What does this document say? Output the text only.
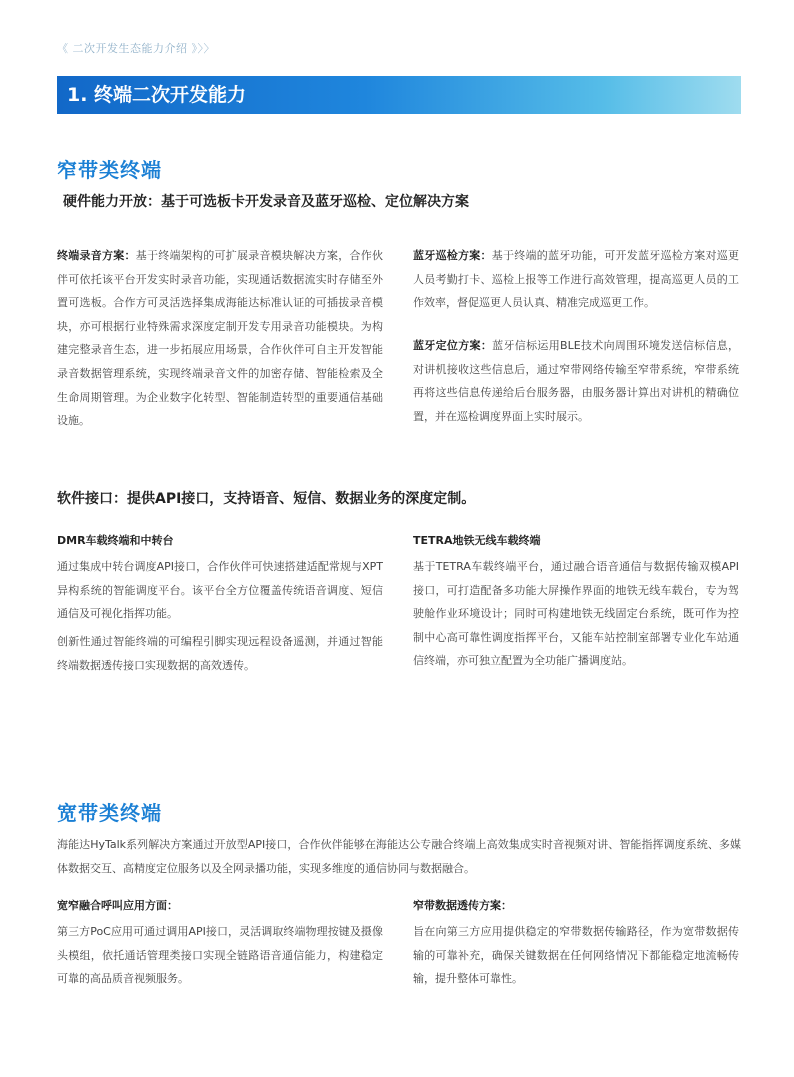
《 二次开发生态能力介绍 》〉〉
1. 终端二次开发能力
窄带类终端
硬件能力开放：基于可选板卡开发录音及蓝牙巡检、定位解决方案

终端录音方案：基于终端架构的可扩展录音模块解决方案，合作伙伴可依托该平台开发实时录音功能，实现通话数据流实时存储至外置可选板。合作方可灵活选择集成海能达标准认证的可插拔录音模块，亦可根据行业特殊需求深度定制开发专用录音功能模块。为构建完整录音生态，进一步拓展应用场景，合作伙伴可自主开发智能录音数据管理系统，实现终端录音文件的加密存储、智能检索及全生命周期管理。为企业数字化转型、智能制造转型的重要通信基础设施。

蓝牙巡检方案：基于终端的蓝牙功能，可开发蓝牙巡检方案对巡更人员考勤打卡、巡检上报等工作进行高效管理，提高巡更人员的工作效率，督促巡更人员认真、精准完成巡更工作。

蓝牙定位方案：蓝牙信标运用BLE技术向周围环境发送信标信息，对讲机接收这些信息后，通过窄带网络传输至窄带系统，窄带系统再将这些信息传递给后台服务器，由服务器计算出对讲机的精确位置，并在巡检调度界面上实时展示。

软件接口：提供API接口，支持语音、短信、数据业务的深度定制。
DMR车载终端和中转台

通过集成中转台调度API接口，合作伙伴可快速搭建适配常规与XPT异构系统的智能调度平台。该平台全方位覆盖传统语音调度、短信通信及可视化指挥功能。

创新性通过智能终端的可编程引脚实现远程设备遥测，并通过智能终端数据透传接口实现数据的高效透传。

TETRA地铁无线车载终端

基于TETRA车载终端平台，通过融合语音通信与数据传输双模API接口，可打造配备多功能大屏操作界面的地铁无线车载台，专为驾驶舱作业环境设计；同时可构建地铁无线固定台系统，既可作为控制中心高可靠性调度指挥平台，又能车站控制室部署专业化车站通信终端，亦可独立配置为全功能广播调度站。

宽带类终端

海能达HyTalk系列解决方案通过开放型API接口，合作伙伴能够在海能达公专融合终端上高效集成实时音视频对讲、智能指挥调度系统、多媒体数据交互、高精度定位服务以及全网录播功能，实现多维度的通信协同与数据融合。

宽窄融合呼叫应用方面：

第三方PoC应用可通过调用API接口，灵活调取终端物理按键及摄像头模组，依托通话管理类接口实现全链路语音通信能力，构建稳定可靠的高品质音视频服务。

窄带数据透传方案：

旨在向第三方应用提供稳定的窄带数据传输路径，作为宽带数据传输的可靠补充，确保关键数据在任何网络情况下都能稳定地流畅传输，提升整体可靠性。
